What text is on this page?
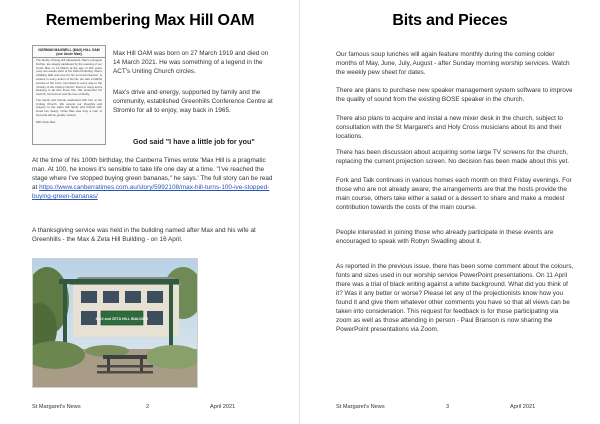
Remembering Max Hill OAM
NORMAN MAXWELL (MAX) HILL OAM (our Uncle Max)

The family of Doug Hill (deceased), Max's youngest brother, are deeply saddened by the passing of our Uncle Max on 14 March at the age of 101 years (only two weeks short of his 102nd birthday). Max's unfailing faith and love for his Lord and Saviour, is evident in every action of his life. He was a faithful servant of the Lord, committed in every way to the ministry of the Uniting Church, friend to many and a blessing to all who knew him. We remember his warmth, his humour and his love of family.

The family and friends celebrated with him at the Uniting Church. We extend our thoughts and prayers to the wider Hill family and friends who loved him dearly. Uncle Max was truly a man of God and will be greatly missed.

RIP Uncle Max

Max Hill OAM was born on 27 March 1919 and died on 14 March 2021. He was something of a legend in the ACT's Uniting Church circles.

Max's drive and energy, supported by family and the community, established Greenhills Conference Centre at Stromlo for all to enjoy, way back in 1965.

God said "I have a little job for you"

At the time of his 100th birthday, the Canberra Times wrote 'Max Hill is a pragmatic man. At 100, he knows it's sensible to take life one day at a time. "I've reached the stage where I've stopped buying green bananas," he says.' The full story can be read at https://www.canberratimes.com.au/story/5992108/max-hill-turns-100-ive-stopped-buying-green-bananas/

A thanksgiving service was held in the building named after Max and his wife at Greenhills - the Max & Zeta Hill Building - on 16 April.

MAX and ZETA HILL BUILDING

St Margaret's News	2	April 2021

Bits and Pieces

Our famous soup lunches will again feature monthly during the coming colder months of May, June, July, August - after Sunday morning worship services. Watch the weekly pew sheet for dates.

There are plans to purchase new speaker management system software to improve the quality of sound from the existing BOSE speaker in the church.

There also plans to acquire and instal a new mixer desk in the church, subject to consultation with the St Margaret's and Holy Cross musicians about its and their locations.

There has been discussion about acquiring some large TV screens for the church, replacing the current projection screen. No decision has been made about this yet.

Fork and Talk continues in various homes each month on third Friday evenings. For those who are not already aware, the arrangements are that the hosts provide the main course, others take either a salad or a dessert to share and make a modest contribution towards the costs of the main course.

People interested in joining those who already participate in these events are encouraged to speak with Robyn Swadling about it.

As reported in the previous issue, there has been some comment about the colours, fonts and sizes used in our worship service PowerPoint presentations. On 11 April there was a trial of black writing against a white background. What did you think of it? Was it any better or worse? Please let any of the projectionists know how you found it and give them whatever other comments you have so that all views can be taken into consideration. This request for feedback is for those participating via zoom as well as those attending in person - Paul Branson is now sharing the PowerPoint presentations via Zoom.

St Margaret's News	3	April 2021
